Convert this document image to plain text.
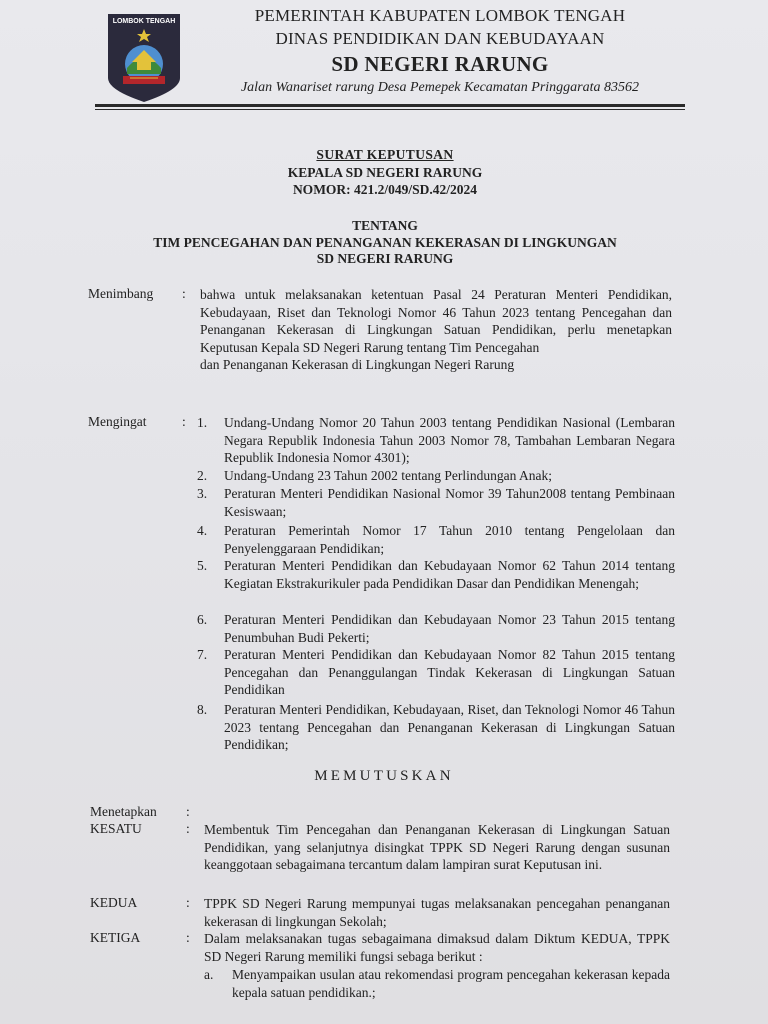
LOMBOK TENGAH	PEMERINTAH KABUPATEN LOMBOK TENGAH
DINAS PENDIDIKAN DAN KEBUDAYAAN
SD NEGERI RARUNG
Jalan Wanariset rarung Desa Pemepek Kecamatan Pringgarata 83562
SURAT KEPUTUSAN
KEPALA SD NEGERI RARUNG
NOMOR: 421.2/049/SD.42/2024
TENTANG
TIM PENCEGAHAN DAN PENANGANAN KEKERASAN DI LINGKUNGAN
SD NEGERI RARUNG
Menimbang : bahwa untuk melaksanakan ketentuan Pasal 24 Peraturan Menteri Pendidikan, Kebudayaan, Riset dan Teknologi Nomor 46 Tahun 2023 tentang Pencegahan dan Penanganan Kekerasan di Lingkungan Satuan Pendidikan, perlu menetapkan Keputusan Kepala SD Negeri Rarung tentang Tim Pencegahan
dan Penanganan Kekerasan di Lingkungan Negeri Rarung
Mengingat	: 1.	Undang-Undang Nomor 20 Tahun 2003 tentang Pendidikan Nasional (Lembaran Negara Republik Indonesia Tahun 2003 Nomor 78, Tambahan Lembaran Negara Republik Indonesia Nomor 4301);
2.	Undang-Undang 23 Tahun 2002 tentang Perlindungan Anak;
3.	Peraturan Menteri Pendidikan Nasional Nomor 39 Tahun2008 tentang Pembinaan Kesiswaan;
4.	Peraturan Pemerintah Nomor 17 Tahun 2010 tentang Pengelolaan dan Penyelenggaraan Pendidikan;
5.	Peraturan Menteri Pendidikan dan Kebudayaan Nomor 62 Tahun 2014 tentang Kegiatan Ekstrakurikuler pada Pendidikan Dasar dan Pendidikan Menengah;
6.	Peraturan Menteri Pendidikan dan Kebudayaan Nomor 23 Tahun 2015 tentang Penumbuhan Budi Pekerti;
7.	Peraturan Menteri Pendidikan dan Kebudayaan Nomor 82 Tahun 2015 tentang Pencegahan dan Penanggulangan Tindak Kekerasan di Lingkungan Satuan Pendidikan
8.	Peraturan Menteri Pendidikan, Kebudayaan, Riset, dan Teknologi Nomor 46 Tahun 2023 tentang Pencegahan dan Penanganan Kekerasan di Lingkungan Satuan Pendidikan;
MEMUTUSKAN
Menetapkan :
KESATU	: Membentuk Tim Pencegahan dan Penanganan Kekerasan di Lingkungan Satuan Pendidikan, yang selanjutnya disingkat TPPK SD Negeri Rarung dengan susunan keanggotaan sebagaimana tercantum dalam lampiran surat Keputusan ini.
KEDUA	: TPPK SD Negeri Rarung mempunyai tugas melaksanakan pencegahan penanganan kekerasan di lingkungan Sekolah;
KETIGA	: Dalam melaksanakan tugas sebagaimana dimaksud dalam Diktum KEDUA, TPPK SD Negeri Rarung memiliki fungsi sebaga berikut :
a. Menyampaikan usulan atau rekomendasi program pencegahan kekerasan kepada kepala satuan pendidikan.;
